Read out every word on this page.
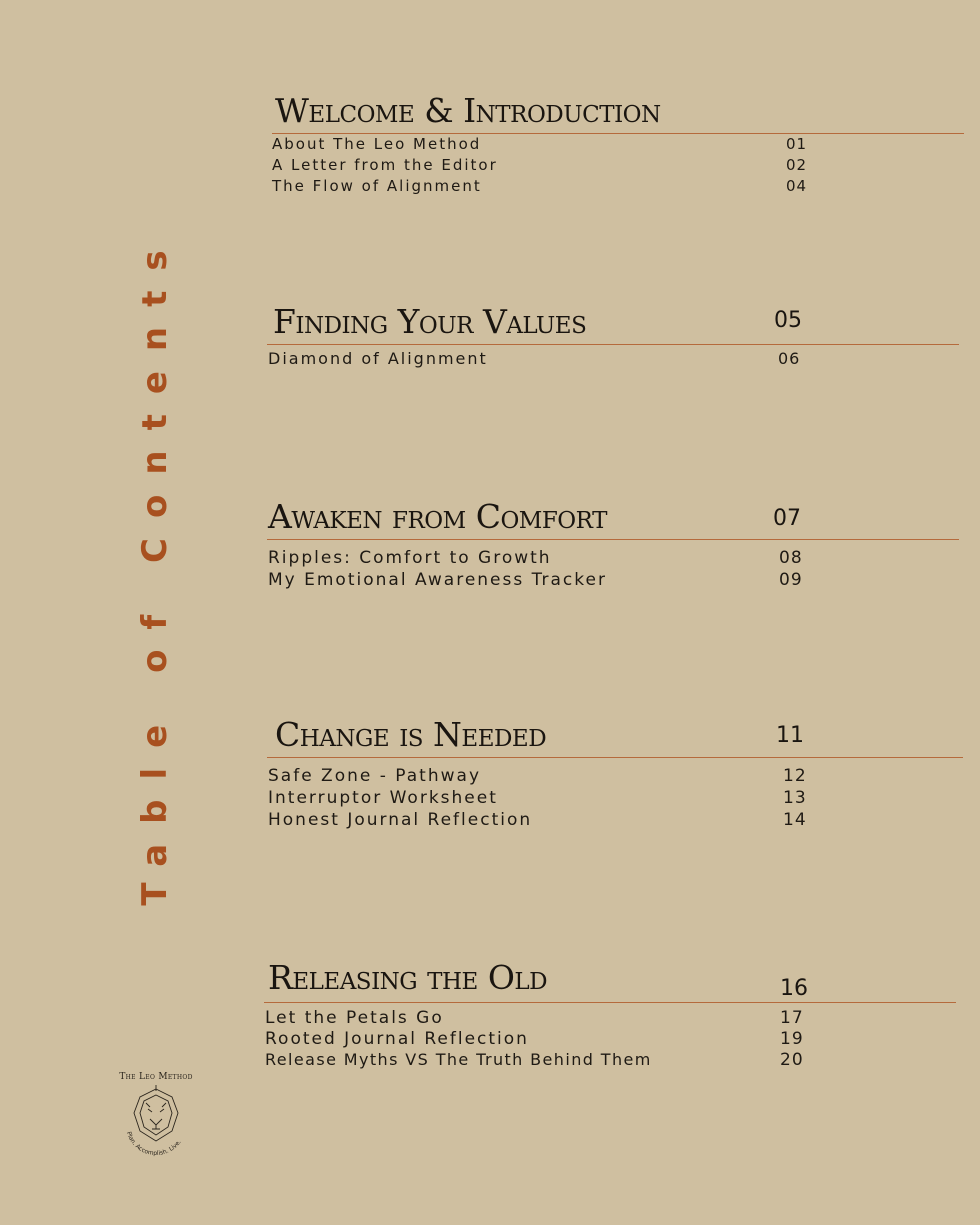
Table of Contents
Welcome & Introduction
About The Leo Method	01
A Letter from the Editor	02
The Flow of Alignment	04
Finding Your Values	05
Diamond of Alignment	06
Awaken from Comfort	07
Ripples: Comfort to Growth	08
My Emotional Awareness Tracker	09
Change is Needed	11
Safe Zone - Pathway	12
Interruptor Worksheet	13
Honest Journal Reflection	14
Releasing the Old	16
Let the Petals Go	17
Rooted Journal Reflection	19
Release Myths VS The Truth Behind Them	20
The Leo Method
Plan. Accomplish. Live.
